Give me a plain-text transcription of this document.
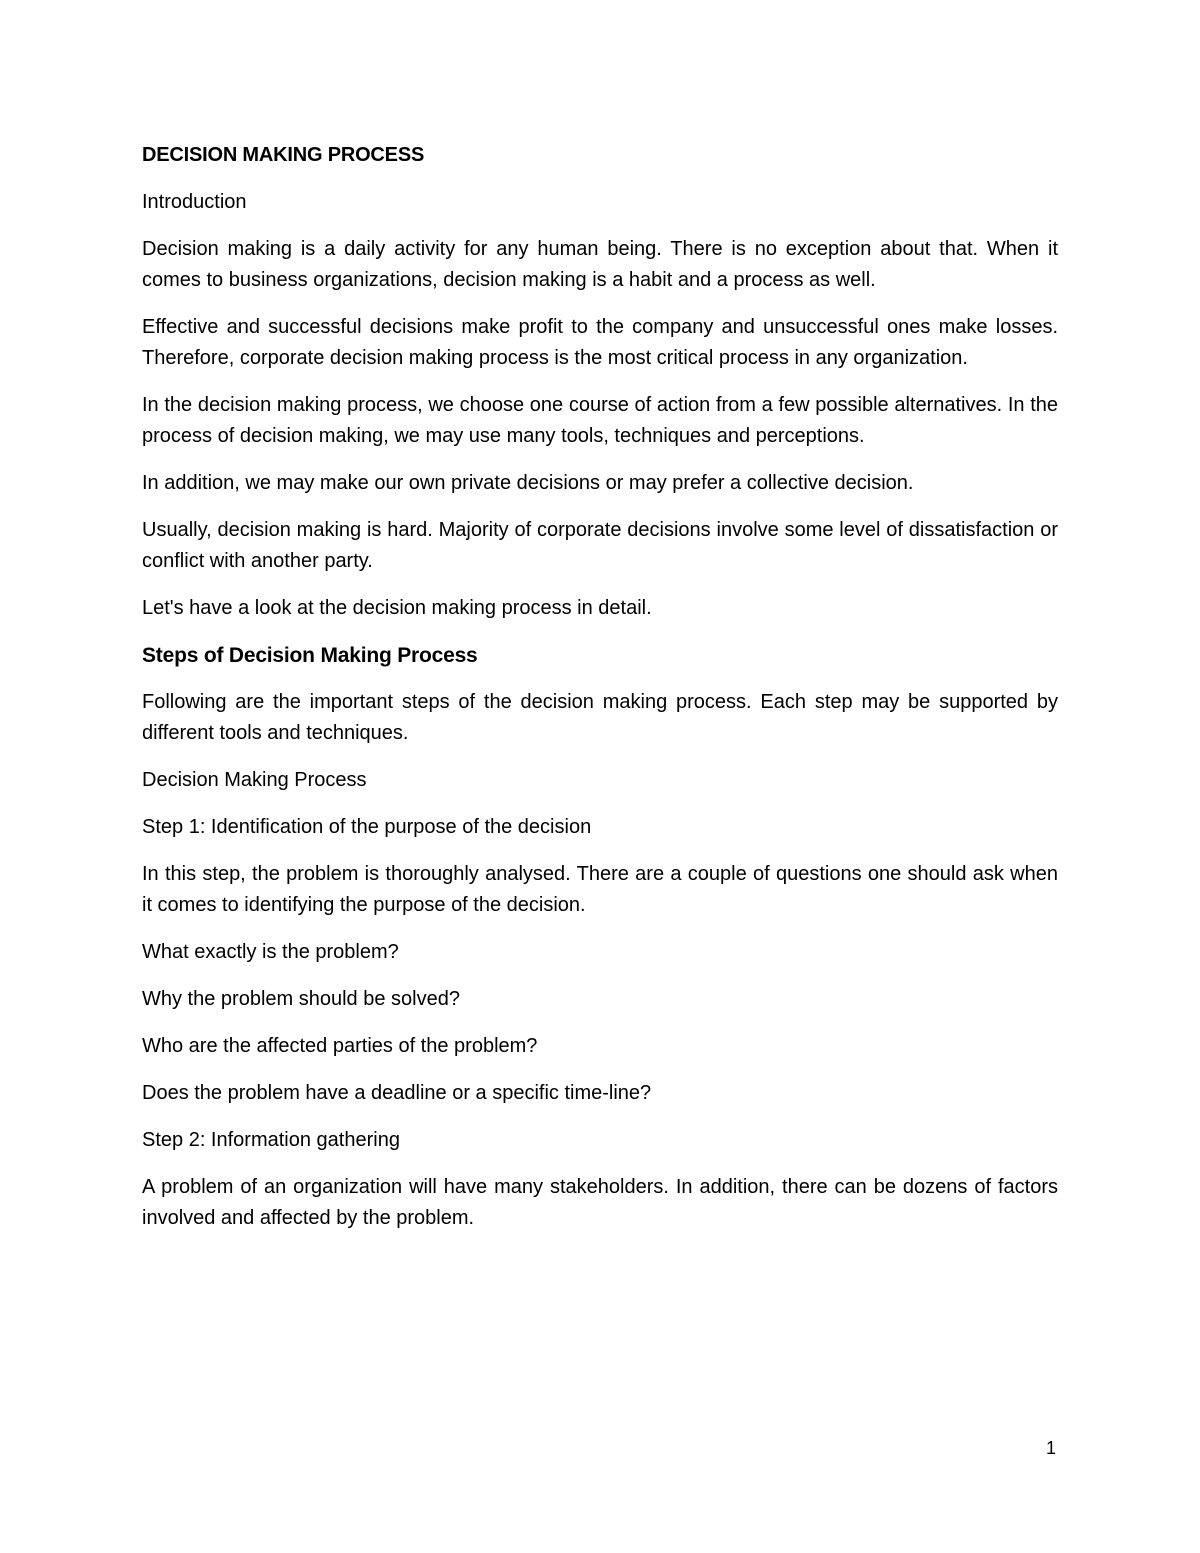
DECISION MAKING PROCESS

Introduction

Decision making is a daily activity for any human being. There is no exception about that. When it comes to business organizations, decision making is a habit and a process as well.

Effective and successful decisions make profit to the company and unsuccessful ones make losses. Therefore, corporate decision making process is the most critical process in any organization.

In the decision making process, we choose one course of action from a few possible alternatives. In the process of decision making, we may use many tools, techniques and perceptions.

In addition, we may make our own private decisions or may prefer a collective decision.

Usually, decision making is hard. Majority of corporate decisions involve some level of dissatisfaction or conflict with another party.

Let's have a look at the decision making process in detail.

Steps of Decision Making Process

Following are the important steps of the decision making process. Each step may be supported by different tools and techniques.

Decision Making Process

Step 1: Identification of the purpose of the decision

In this step, the problem is thoroughly analysed. There are a couple of questions one should ask when it comes to identifying the purpose of the decision.

What exactly is the problem?

Why the problem should be solved?

Who are the affected parties of the problem?

Does the problem have a deadline or a specific time-line?

Step 2: Information gathering

A problem of an organization will have many stakeholders. In addition, there can be dozens of factors involved and affected by the problem.

1
